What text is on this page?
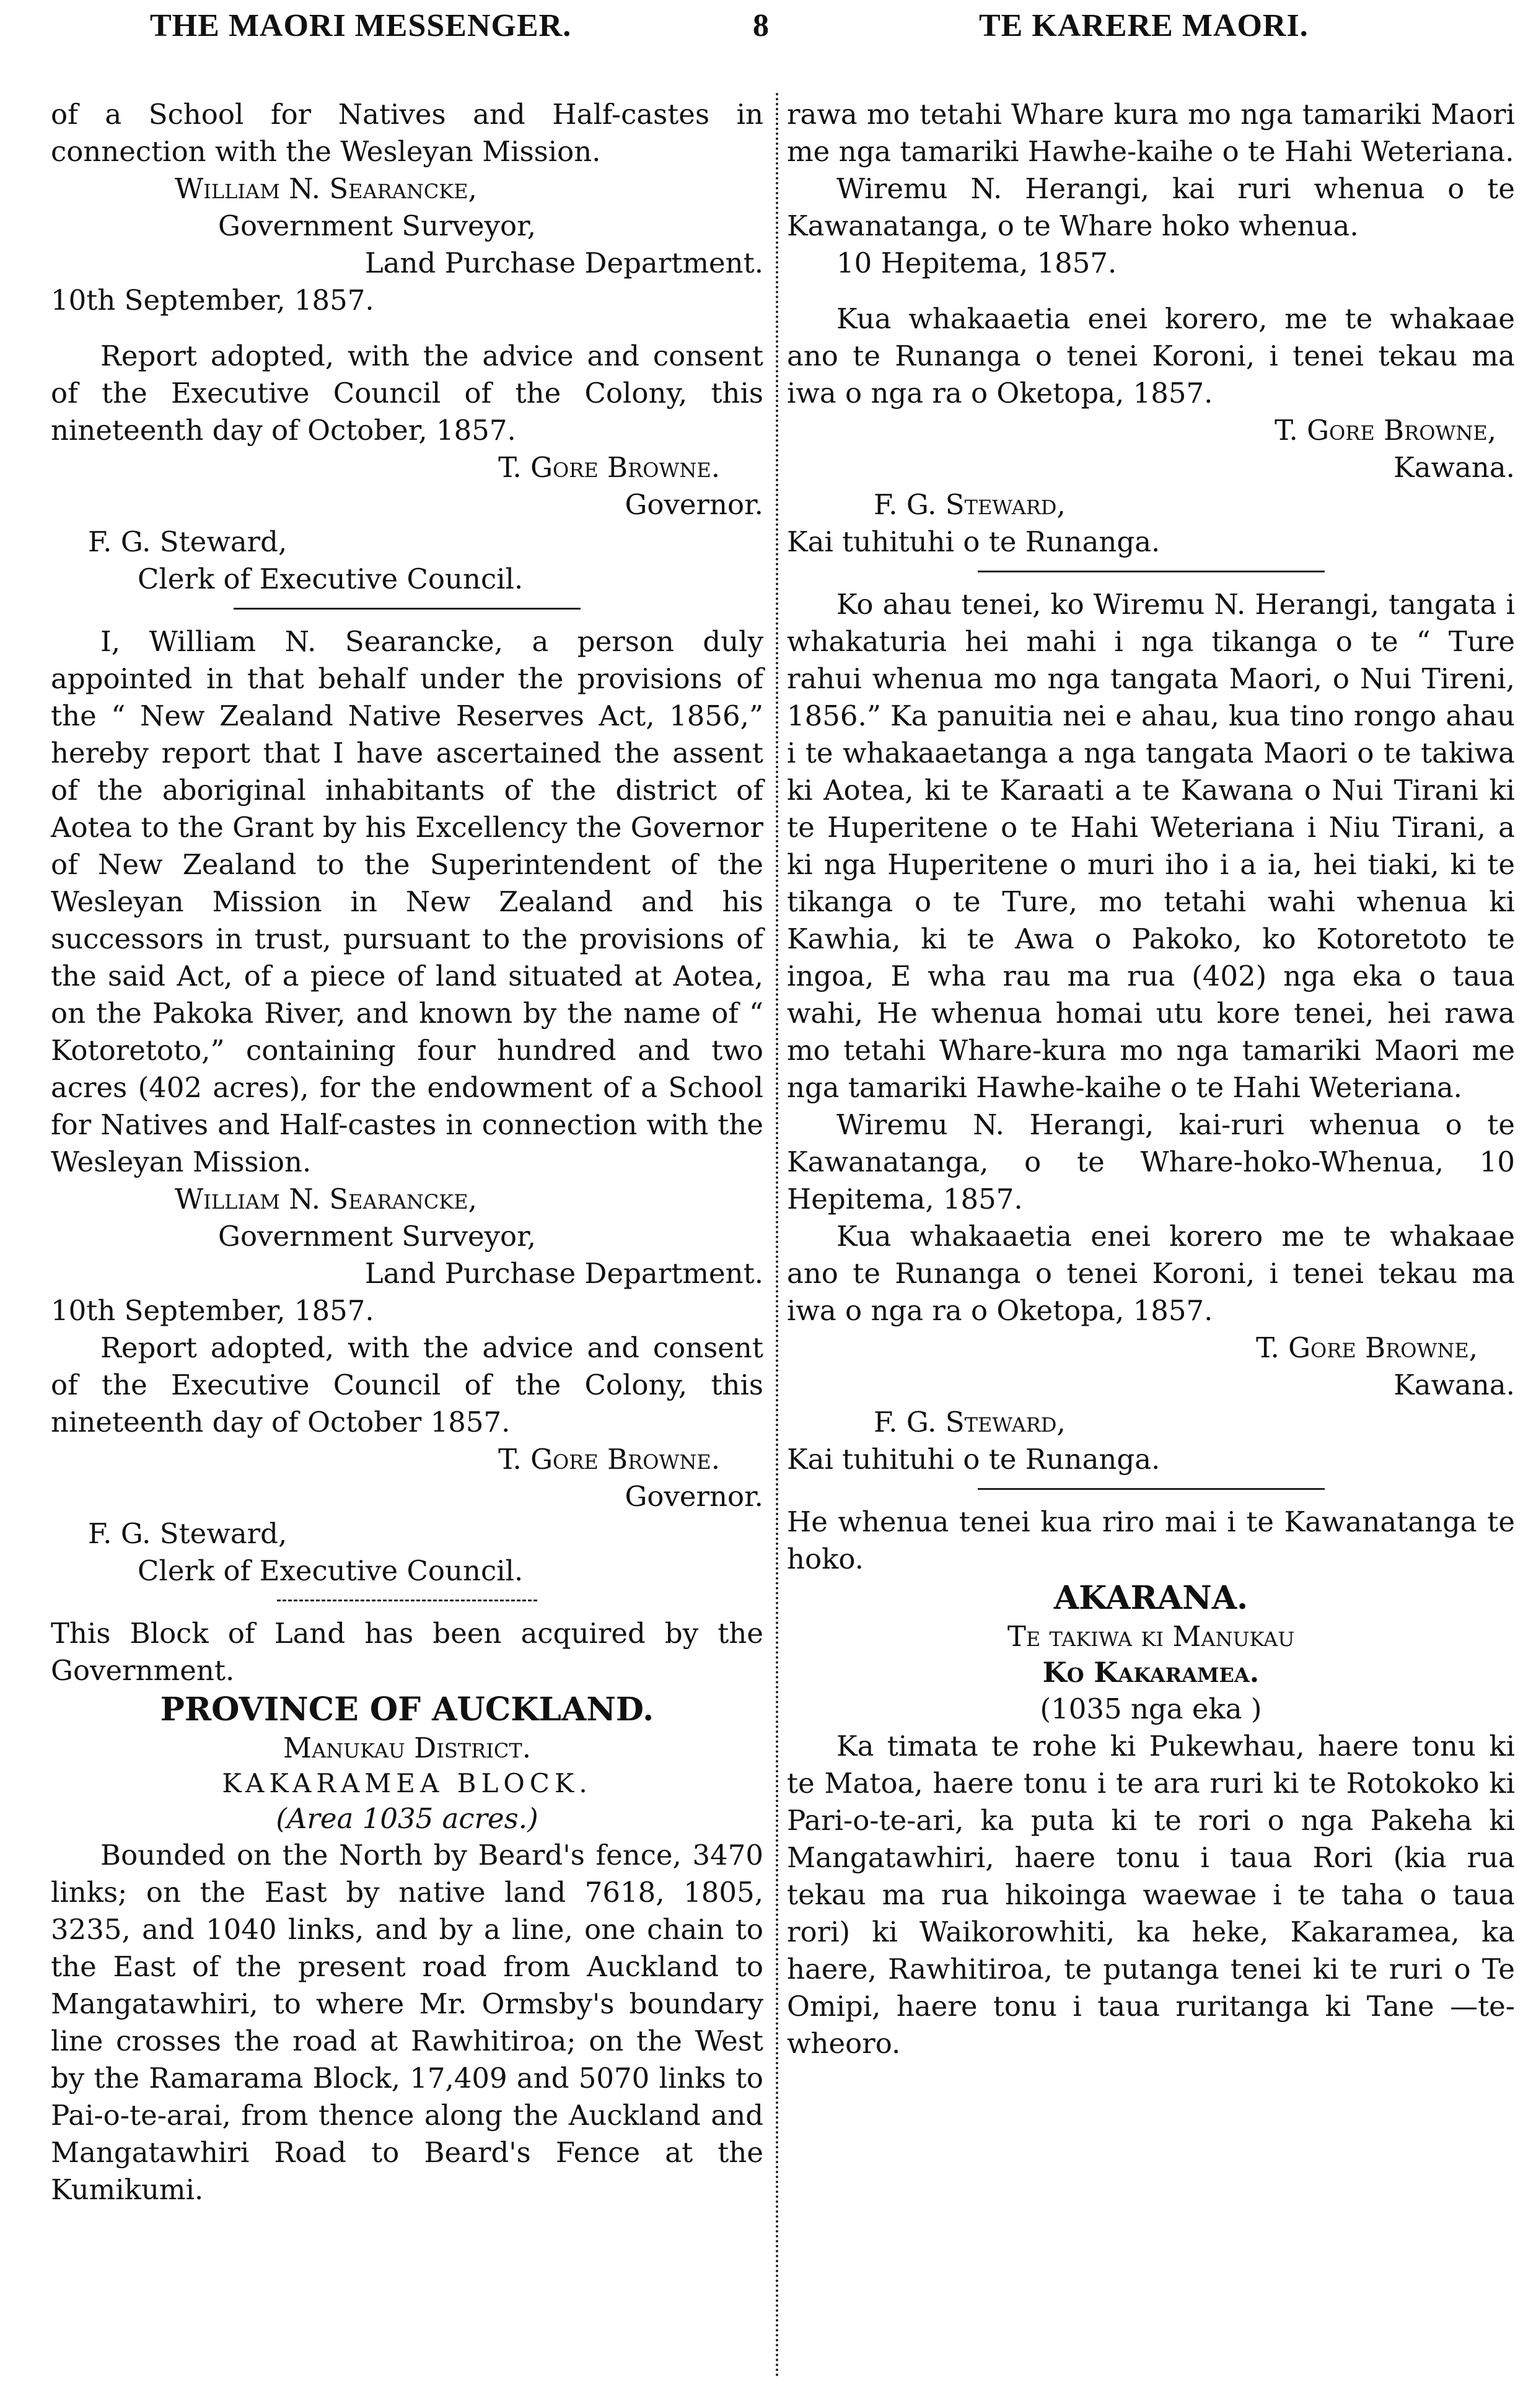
THE MAORI MESSENGER.	8	TE KARERE MAORI.

of a School for Natives and Half-castes in connection with the Wesleyan Mission.

William N. Searancke,

Government Surveyor,

Land Purchase Department.

10th September, 1857.

Report adopted, with the advice and consent of the Executive Council of the Colony, this nineteenth day of October, 1857.

T. Gore Browne.

Governor.

F. G. Steward,

Clerk of Executive Council.

I, William N. Searancke, a person duly appointed in that behalf under the provisions of the “ New Zealand Native Reserves Act, 1856,” hereby report that I have ascertained the assent of the aboriginal inhabitants of the district of Aotea to the Grant by his Excellency the Governor of New Zealand to the Superintendent of the Wesleyan Mission in New Zealand and his successors in trust, pursuant to the provisions of the said Act, of a piece of land situated at Aotea, on the Pakoka River, and known by the name of “ Kotoretoto,” containing four hundred and two acres (402 acres), for the endowment of a School for Natives and Half-castes in connection with the Wesleyan Mission.

William N. Searancke,

Government Surveyor,

Land Purchase Department.

10th September, 1857.

Report adopted, with the advice and consent of the Executive Council of the Colony, this nineteenth day of October 1857.

T. Gore Browne.

Governor.

F. G. Steward,

Clerk of Executive Council.

This Block of Land has been acquired by the Government.

PROVINCE OF AUCKLAND.

Manukau District.

KAKARAMEA BLOCK.

(Area 1035 acres.)

Bounded on the North by Beard's fence, 3470 links; on the East by native land 7618, 1805, 3235, and 1040 links, and by a line, one chain to the East of the present road from Auckland to Mangatawhiri, to where Mr. Ormsby's boundary line crosses the road at Rawhitiroa; on the West by the Ramarama Block, 17,409 and 5070 links to Pai-o-te-arai, from thence along the Auckland and Mangatawhiri Road to Beard's Fence at the Kumikumi.

rawa mo tetahi Whare kura mo nga tamariki Maori me nga tamariki Hawhe-kaihe o te Hahi Weteriana.

Wiremu N. Herangi, kai ruri whenua o te Kawanatanga, o te Whare hoko whenua.

10 Hepitema, 1857.

Kua whakaaetia enei korero, me te whakaae ano te Runanga o tenei Koroni, i tenei tekau ma iwa o nga ra o Oketopa, 1857.

T. Gore Browne,

Kawana.

F. G. Steward,

Kai tuhituhi o te Runanga.

Ko ahau tenei, ko Wiremu N. Herangi, tangata i whakaturia hei mahi i nga tikanga o te “ Ture rahui whenua mo nga tangata Maori, o Nui Tireni, 1856.” Ka panuitia nei e ahau, kua tino rongo ahau i te whakaaetanga a nga tangata Maori o te takiwa ki Aotea, ki te Karaati a te Kawana o Nui Tirani ki te Huperitene o te Hahi Weteriana i Niu Tirani, a ki nga Huperitene o muri iho i a ia, hei tiaki, ki te tikanga o te Ture, mo tetahi wahi whenua ki Kawhia, ki te Awa o Pakoko, ko Kotoretoto te ingoa, E wha rau ma rua (402) nga eka o taua wahi, He whenua homai utu kore tenei, hei rawa mo tetahi Whare-kura mo nga tamariki Maori me nga tamariki Hawhe-kaihe o te Hahi Weteriana.

Wiremu N. Herangi, kai-ruri whenua o te Kawanatanga, o te Whare-hoko-Whenua, 10 Hepitema, 1857.

Kua whakaaetia enei korero me te whakaae ano te Runanga o tenei Koroni, i tenei tekau ma iwa o nga ra o Oketopa, 1857.

T. Gore Browne,

Kawana.

F. G. Steward,

Kai tuhituhi o te Runanga.

He whenua tenei kua riro mai i te Kawanatanga te hoko.

AKARANA.

Te takiwa ki Manukau

Ko Kakaramea.

(1035 nga eka )

Ka timata te rohe ki Pukewhau, haere tonu ki te Matoa, haere tonu i te ara ruri ki te Rotokoko ki Pari-o-te-ari, ka puta ki te rori o nga Pakeha ki Mangatawhiri, haere tonu i taua Rori (kia rua tekau ma rua hikoinga waewae i te taha o taua rori) ki Waikorowhiti, ka heke, Kakaramea, ka haere, Rawhitiroa, te putanga tenei ki te ruri o Te Omipi, haere tonu i taua ruritanga ki Tane —te-wheoro.
